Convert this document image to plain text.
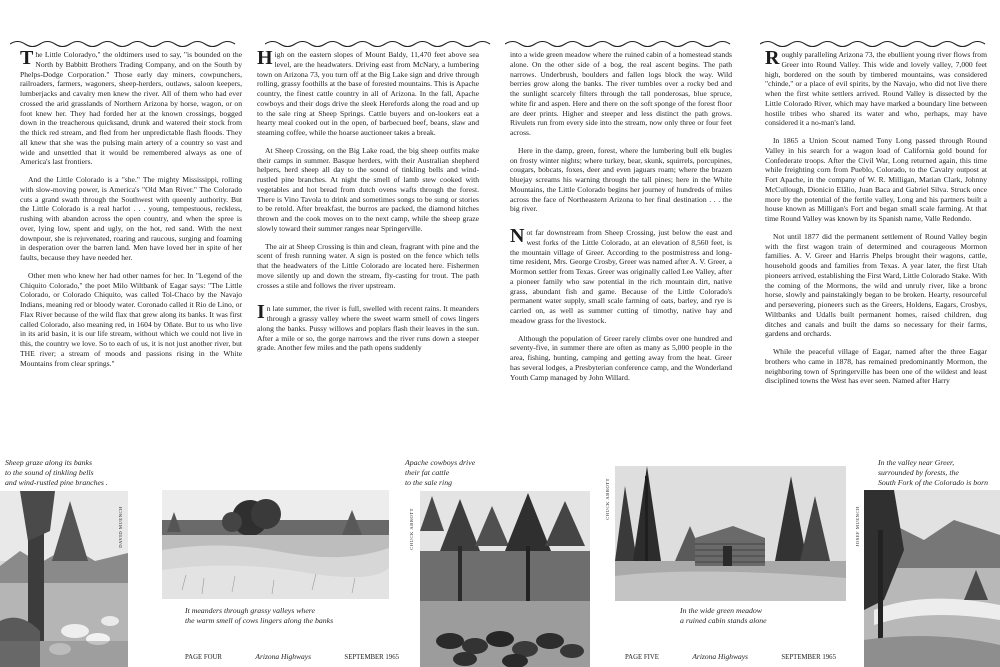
The Little Coloradyo," the oldtimers used to say, "is bounded on the North by Babbitt Brothers Trading Company, and on the South by Phelps-Dodge Corporation." Those early day miners, cowpunchers, railroaders, farmers, wagoners, sheep-herders, outlaws, saloon keepers, lumberjacks and cavalry men knew the river. All of them who had ever crossed the arid grasslands of Northern Arizona by horse, wagon, or on foot knew her. They had forded her at the known crossings, bogged down in the treacherous quicksand, drunk and watered their stock from the thick red stream, and fled from her unpredictable flash floods. They all knew that she was the pulsing main artery of a country so vast and wide and unsettled that it would be remembered always as one of America's last frontiers.

And the Little Colorado is a "she." The mighty Mississippi, rolling with slow-moving power, is America's "Old Man River." The Colorado cuts a grand swath through the Southwest with queenly authority. But the Little Colorado is a real harlot . . . young, tempestuous, reckless, rushing with abandon across the open country, and when the spree is over, lying low, spent and ugly, on the hot, red sand. With the next downpour, she is rejuvenated, roaring and raucous, surging and foaming in desperation over the barren land. Men have loved her in spite of her faults, because they have needed her.

Other men who knew her had other names for her. In "Legend of the Chiquito Colorado," the poet Milo Wiltbank of Eagar says: "The Little Colorado, or Colorado Chiquito, was called Tol-Chaco by the Navajo Indians, meaning red or bloody water. Coronado called it Rio de Lino, or Flax River because of the wild flax that grew along its banks. It was first called Colorado, also meaning red, in 1604 by Oñate. But to us who live in its arid basin, it is our life stream, without which we could not live in this, the country we love. So to each of us, it is not just another river, but THE river; a stream of moods and passions rising in the White Mountains from clear springs."

High on the eastern slopes of Mount Baldy, 11,470 feet above sea level, are the headwaters. Driving east from McNary, a lumbering town on Arizona 73, you turn off at the Big Lake sign and drive through rolling, grassy foothills at the base of forested mountains. This is Apache country, the finest cattle country in all of Arizona. In the fall, Apache cowboys and their dogs drive the sleek Herefords along the road and up to the sale ring at Sheep Springs. Cattle buyers and on-lookers eat a hearty meal cooked out in the open, of barbecued beef, beans, slaw and steaming coffee, while the hoarse auctioneer takes a break.

At Sheep Crossing, on the Big Lake road, the big sheep outfits make their camps in summer. Basque herders, with their Australian shepherd helpers, herd sheep all day to the sound of tinkling bells and wind-rustled pine branches. At night the smell of lamb stew cooked with vegetables and hot bread from dutch ovens wafts through the forest. There is Vino Tavola to drink and sometimes songs to be sung or stories to be retold. After breakfast, the burros are packed, the diamond hitches thrown and the cook moves on to the next camp, while the sheep graze slowly toward their summer ranges near Springerville.

The air at Sheep Crossing is thin and clean, fragrant with pine and the scent of fresh running water. A sign is posted on the fence which tells that the headwaters of the Little Colorado are located here. Fishermen move silently up and down the stream, fly-casting for trout. The path crosses a stile and follows the river upstream.

In late summer, the river is full, swelled with recent rains. It meanders through a grassy valley where the sweet warm smell of cows lingers along the banks. Pussy willows and poplars flash their leaves in the sun. After a mile or so, the gorge narrows and the river runs down a steeper grade. Another few miles and the path opens suddenly

into a wide green meadow where the ruined cabin of a homestead stands alone. On the other side of a bog, the real ascent begins. The path narrows. Underbrush, boulders and fallen logs block the way. Wild berries grow along the banks. The river tumbles over a rocky bed and the sunlight scarcely filters through the tall ponderosas, blue spruce, white fir and aspen. Here and there on the soft sponge of the forest floor are deer prints. Higher and steeper and less distinct the path grows. Rivulets run from every side into the stream, now only three or four feet across.

Here in the damp, green, forest, where the lumbering bull elk bugles on frosty winter nights; where turkey, bear, skunk, squirrels, porcupines, cougars, bobcats, foxes, deer and even jaguars roam; where the brazen bluejay screams his warning through the tall pines; here in the White Mountains, the Little Colorado begins her journey of hundreds of miles across the face of Northeastern Arizona to her final destination . . . the big river.

Not far downstream from Sheep Crossing, just below the east and west forks of the Little Colorado, at an elevation of 8,560 feet, is the mountain village of Greer. According to the postmistress and long-time resident, Mrs. George Crosby, Greer was named after A. V. Greer, a Mormon settler from Texas. Greer was originally called Lee Valley, after a pioneer family who saw potential in the rich mountain dirt, native grass, abundant fish and game. Because of the Little Colorado's permanent water supply, small scale farming of oats, barley, and rye is carried on, as well as summer cutting of timothy, native hay and meadow grass for the livestock.

Although the population of Greer rarely climbs over one hundred and seventy-five, in summer there are often as many as 5,000 people in the area, fishing, hunting, camping and getting away from the heat. Greer has several lodges, a Presbyterian conference camp, and the Wonderland Youth Camp managed by John Willard.

Roughly paralleling Arizona 73, the ebullient young river flows from Greer into Round Valley. This wide and lovely valley, 7,000 feet high, bordered on the south by timbered mountains, was considered "chinde," or a place of evil spirits, by the Navajo, who did not live there when the first white settlers arrived. Round Valley is dissected by the Little Colorado River, which may have marked a boundary line between hostile tribes who shared its water and who, perhaps, may have considered it a no-man's land.

In 1865 a Union Scout named Tony Long passed through Round Valley in his search for a wagon load of California gold bound for Confederate troops. After the Civil War, Long returned again, this time while freighting corn from Pueblo, Colorado, to the Cavalry outpost at Fort Apache, in the company of W. R. Milligan, Marian Clark, Johnny McCullough, Dionicio Elālio, Juan Baca and Gabriel Silva. Struck once more by the potential of the fertile valley, Long and his partners built a house known as Milligan's Fort and began small scale farming. At that time Round Valley was known by its Spanish name, Valle Redondo.

Not until 1877 did the permanent settlement of Round Valley begin with the first wagon train of determined and courageous Mormon families. A. V. Greer and Harris Phelps brought their wagons, cattle, household goods and families from Texas. A year later, the first Utah pioneers arrived, establishing the First Ward, Little Colorado Stake. With the coming of the Mormons, the wild and unruly river, like a bronc horse, slowly and painstakingly began to be broken. Hearty, resourceful and persevering, pioneers such as the Greers, Holdens, Eagars, Crosbys, Wiltbanks and Udalls built permanent homes, raised children, dug ditches and canals and built the dams so necessary for their farms, gardens and orchards.

While the peaceful village of Eagar, named after the three Eagar brothers who came in 1878, has remained predominantly Mormon, the neighboring town of Springerville has been one of the wildest and least disciplined towns the West has ever seen. Named after Harry

Sheep graze along its banks
to the sound of tinkling bells
and wind-rustled pine branches .
DAVID MUENCH
It meanders through grassy valleys where
the warm smell of cows lingers along the banks
Apache cowboys drive
their fat cattle
to the sale ring
CHUCK ABBOTT
In the wide green meadow
a ruined cabin stands alone
CHUCK ABBOTT
In the valley near Greer,
surrounded by forests, the
South Fork of the Colorado is born
JOSEF MUENCH
PAGE FOUR	Arizona Highways	SEPTEMBER 1965	PAGE FIVE	Arizona Highways	SEPTEMBER 1965
